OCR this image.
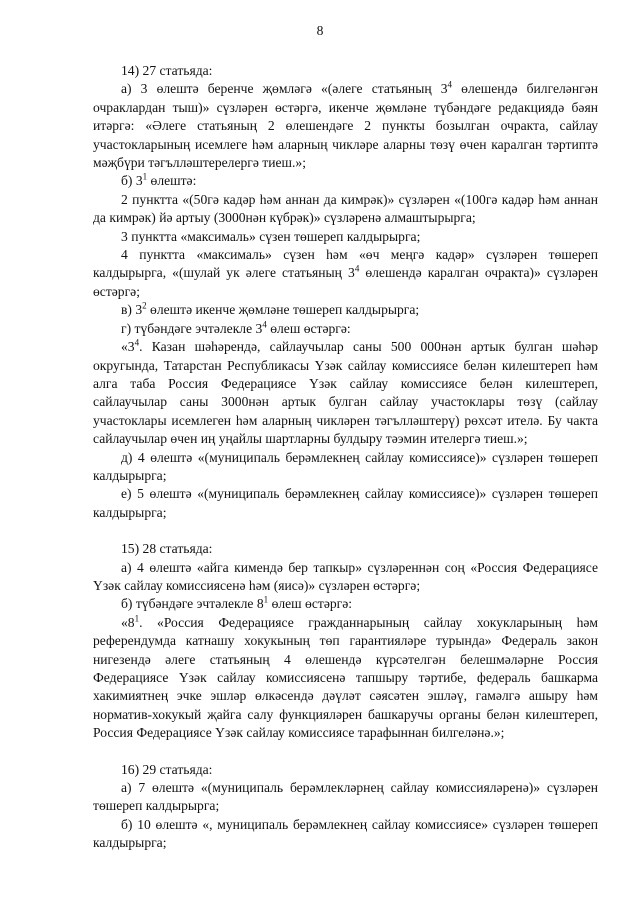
8

14) 27 статьяда:

а) 3 өлештә беренче җөмләгә «(әлеге статьяның $3^4$ өлешендә билгеләнгән очраклардан тыш)» сүзләрен өстәргә, икенче җөмләне түбәндәге редакциядә бәян итәргә: «Әлеге статьяның 2 өлешендәге 2 пункты бозылган очракта, сайлау участокларының исемлеге һәм аларның чикләре аларны төзү өчен каралган тәртиптә мәҗбүри тәгълләштерелергә тиеш.»;

б) $3^1$ өлештә:

2 пунктта «(50гә кадәр һәм аннан да кимрәк)» сүзләрен «(100гә кадәр һәм аннан да кимрәк) йә артыу (3000нән күбрәк)» сүзләренә алмаштырырга;

3 пунктта «максималь» сүзен төшереп калдырырга;

4 пунктта «максималь» сүзен һәм «өч меңгә кадәр» сүзләрен төшереп калдырырга, «(шулай ук әлеге статьяның $3^4$ өлешендә каралган очракта)» сүзләрен өстәргә;

в) $3^2$ өлештә икенче җөмләне төшереп калдырырга;

г) түбәндәге эчтәлекле $3^4$ өлеш өстәргә:

«$3^4$. Казан шәһәрендә, сайлаучылар саны 500 000нән артык булган шәһәр округында, Татарстан Республикасы Үзәк сайлау комиссиясе белән килештереп һәм алга таба Россия Федерациясе Үзәк сайлау комиссиясе белән килештереп, сайлаучылар саны 3000нән артык булган сайлау участоклары төзү (сайлау участоклары исемлеген һәм аларның чикләрен тәгълләштерү) рөхсәт ителә. Бу чакта сайлаучылар өчен иң уңайлы шартларны булдыру тәэмин ителергә тиеш.»;

д) 4 өлештә «(муниципаль берәмлекнең сайлау комиссиясе)» сүзләрен төшереп калдырырга;

е) 5 өлештә «(муниципаль берәмлекнең сайлау комиссиясе)» сүзләрен төшереп калдырырга;

15) 28 статьяда:

а) 4 өлештә «айга кимендә бер тапкыр» сүзләреннән соң «Россия Федерациясе Үзәк сайлау комиссиясенә һәм (яисә)» сүзләрен өстәргә;

б) түбәндәге эчтәлекле $8^1$ өлеш өстәргә:

«$8^1$. «Россия Федерациясе гражданнарының сайлау хокукларының һәм референдумда катнашу хокукының төп гарантияләре турында» Федераль закон нигезендә әлеге статьяның 4 өлешендә күрсәтелгән белешмәләрне Россия Федерациясе Үзәк сайлау комиссиясенә тапшыру тәртибе, федераль башкарма хакимиятнең эчке эшләр өлкәсендә дәүләт сәясәтен эшләү, гамәлгә ашыру һәм норматив-хокукый җайга салу функцияләрен башкаручы органы белән килештереп, Россия Федерациясе Үзәк сайлау комиссиясе тарафыннан билгеләнә.»;

16) 29 статьяда:

а) 7 өлештә «(муниципаль берәмлекләрнең сайлау комиссияләренә)» сүзләрен төшереп калдырырга;

б) 10 өлештә «, муниципаль берәмлекнең сайлау комиссиясе» сүзләрен төшереп калдырырга;
